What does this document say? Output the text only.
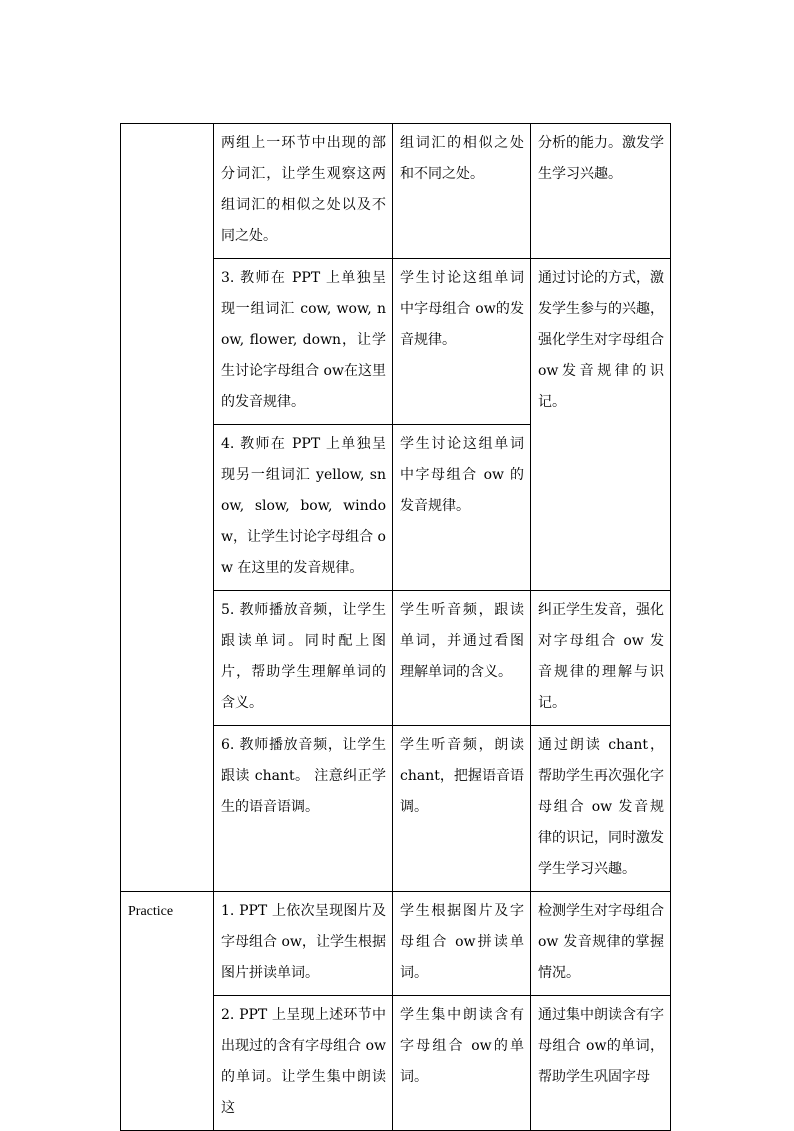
	两组上一环节中出现的部分词汇，让学生观察这两组词汇的相似之处以及不同之处。	组词汇的相似之处和不同之处。	分析的能力。激发学生学习兴趣。
	3. 教师在 PPT 上单独呈现一组词汇 cow, wow, now, flower, down，让学生讨论字母组合 ow在这里的发音规律。	学生讨论这组单词中字母组合 ow的发音规律。	通过讨论的方式，激发学生参与的兴趣，强化学生对字母组合 ow发音规律的识记。
	4. 教师在 PPT 上单独呈现另一组词汇 yellow, snow, slow, bow, window，让学生讨论字母组合 ow 在这里的发音规律。	学生讨论这组单词中字母组合 ow 的发音规律。	
	5. 教师播放音频，让学生跟读单词。同时配上图片，帮助学生理解单词的含义。	学生听音频，跟读单词，并通过看图理解单词的含义。	纠正学生发音，强化对字母组合 ow 发音规律的理解与识记。
	6. 教师播放音频，让学生跟读 chant。 注意纠正学生的语音语调。	学生听音频，朗读 chant，把握语音语调。	通过朗读 chant，帮助学生再次强化字母组合 ow 发音规律的识记，同时激发学生学习兴趣。
Practice	1. PPT 上依次呈现图片及字母组合 ow，让学生根据图片拼读单词。	学生根据图片及字母组合 ow拼读单词。	检测学生对字母组合 ow 发音规律的掌握情况。
	2. PPT 上呈现上述环节中出现过的含有字母组合 ow 的单词。让学生集中朗读这	学生集中朗读含有字母组合 ow的单词。	通过集中朗读含有字母组合 ow的单词，帮助学生巩固字母
